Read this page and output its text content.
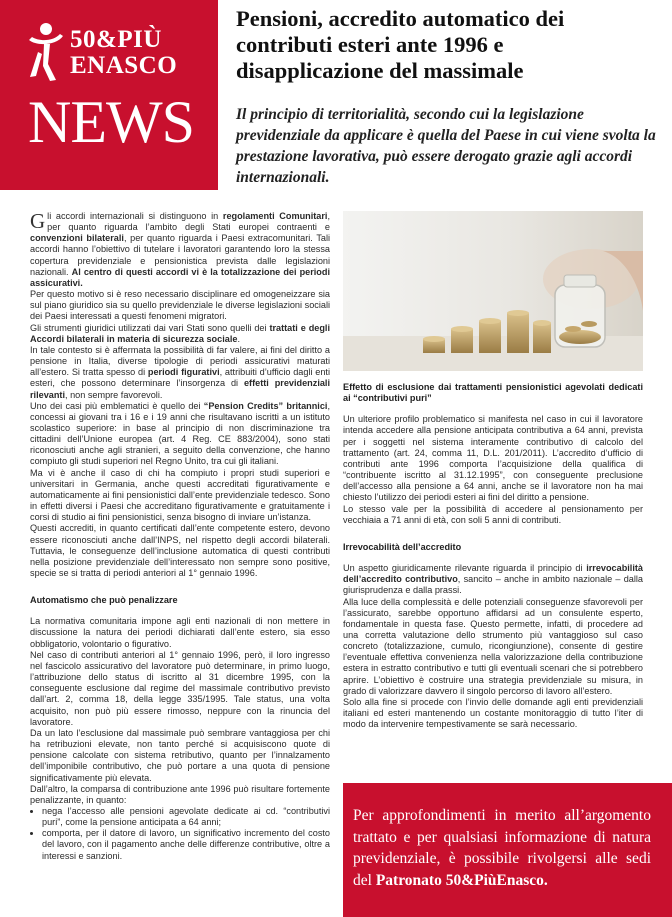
50&PIÙ
ENASCO
NEWS
Pensioni, accredito automatico dei contributi esteri ante 1996 e disapplicazione del massimale
Il principio di territorialità, secondo cui la legislazione previdenziale da applicare è quella del Paese in cui viene svolta la prestazione lavorativa, può essere derogato grazie agli accordi internazionali.

Gli accordi internazionali si distinguono in regolamenti Comunitari, per quanto riguarda l’ambito degli Stati europei contraenti e convenzioni bilaterali, per quanto riguarda i Paesi extracomunitari. Tali accordi hanno l’obiettivo di tutelare i lavoratori garantendo loro la stessa copertura previdenziale e pensionistica prevista dalle legislazioni nazionali. Al centro di questi accordi vi è la totalizzazione dei periodi assicurativi.

Per questo motivo si è reso necessario disciplinare ed omogeneizzare sia sul piano giuridico sia su quello previdenziale le diverse legislazioni sociali dei Paesi interessati a questi fenomeni migratori.

Gli strumenti giuridici utilizzati dai vari Stati sono quelli dei trattati e degli Accordi bilaterali in materia di sicurezza sociale.

In tale contesto si è affermata la possibilità di far valere, ai fini del diritto a pensione in Italia, diverse tipologie di periodi assicurativi maturati all’estero. Si tratta spesso di periodi figurativi, attribuiti d’ufficio dagli enti esteri, che possono determinare l’insorgenza di effetti previdenziali rilevanti, non sempre favorevoli.

Uno dei casi più emblematici è quello dei “Pension Credits” britannici, concessi ai giovani tra i 16 e i 19 anni che risultavano iscritti a un istituto scolastico superiore: in base al principio di non discriminazione tra cittadini dell’Unione europea (art. 4 Reg. CE 883/2004), sono stati riconosciuti anche agli stranieri, a seguito della convenzione, che hanno compiuto gli studi superiori nel Regno Unito, tra cui gli italiani.

Ma vi è anche il caso di chi ha compiuto i propri studi superiori e universitari in Germania, anche questi accreditati figurativamente e automaticamente ai fini pensionistici dall’ente previdenziale tedesco. Sono in effetti diversi i Paesi che accreditano figurativamente e gratuitamente i corsi di studio ai fini pensionistici, senza bisogno di inviare un’istanza.

Questi accrediti, in quanto certificati dall’ente competente estero, devono essere riconosciuti anche dall’INPS, nel rispetto degli accordi bilaterali. Tuttavia, le conseguenze dell’inclusione automatica di questi contributi nella posizione previdenziale dell’interessato non sempre sono positive, specie se si tratta di periodi anteriori al 1° gennaio 1996.

Automatismo che può penalizzare

La normativa comunitaria impone agli enti nazionali di non mettere in discussione la natura dei periodi dichiarati dall’ente estero, sia esso obbligatorio, volontario o figurativo.

Nel caso di contributi anteriori al 1° gennaio 1996, però, il loro ingresso nel fascicolo assicurativo del lavoratore può determinare, in primo luogo, l’attribuzione dello status di iscritto al 31 dicembre 1995, con la conseguente esclusione dal regime del massimale contributivo previsto dall’art. 2, comma 18, della legge 335/1995. Tale status, una volta acquisito, non può più essere rimosso, neppure con la rinuncia del lavoratore.

Da un lato l’esclusione dal massimale può sembrare vantaggiosa per chi ha retribuzioni elevate, non tanto perché si acquisiscono quote di pensione calcolate con sistema retributivo, quanto per l’innalzamento dell’imponibile contributivo, che può portare a una quota di pensione significativamente più elevata.

Dall’altro, la comparsa di contribuzione ante 1996 può risultare fortemente penalizzante, in quanto:

• nega l’accesso alle pensioni agevolate dedicate ai cd. “contributivi puri”, come la pensione anticipata a 64 anni;
• comporta, per il datore di lavoro, un significativo incremento del costo del lavoro, con il pagamento anche delle differenze contributive, oltre a interessi e sanzioni.

Effetto di esclusione dai trattamenti pensionistici agevolati dedicati ai “contributivi puri”

Un ulteriore profilo problematico si manifesta nel caso in cui il lavoratore intenda accedere alla pensione anticipata contributiva a 64 anni, prevista per i soggetti nel sistema interamente contributivo di calcolo del trattamento (art. 24, comma 11, D.L. 201/2011). L’accredito d’ufficio di contributi ante 1996 comporta l’acquisizione della qualifica di “contribuente iscritto al 31.12.1995”, con conseguente preclusione dell’accesso alla pensione a 64 anni, anche se il lavoratore non ha mai chiesto l’utilizzo dei periodi esteri ai fini del diritto a pensione.

Lo stesso vale per la possibilità di accedere al pensionamento per vecchiaia a 71 anni di età, con soli 5 anni di contributi.

Irrevocabilità dell’accredito

Un aspetto giuridicamente rilevante riguarda il principio di irrevocabilità dell’accredito contributivo, sancito – anche in ambito nazionale – dalla giurisprudenza e dalla prassi.

Alla luce della complessità e delle potenziali conseguenze sfavorevoli per l’assicurato, sarebbe opportuno affidarsi ad un consulente esperto, fondamentale in questa fase. Questo permette, infatti, di procedere ad una corretta valutazione dello strumento più vantaggioso sul caso concreto (totalizzazione, cumulo, ricongiunzione), consente di gestire l’eventuale effettiva convenienza nella valorizzazione della contribuzione estera in estratto contributivo e tutti gli eventuali scenari che si potrebbero aprire. L’obiettivo è costruire una strategia previdenziale su misura, in grado di valorizzare davvero il singolo percorso di lavoro all’estero.

Solo alla fine si procede con l’invio delle domande agli enti previdenziali italiani ed esteri mantenendo un costante monitoraggio di tutto l’iter di modo da intervenire tempestivamente se sarà necessario.

Per approfondimenti in merito all’argomento trattato e per qualsiasi informazione di natura previdenziale, è possibile rivolgersi alle sedi del Patronato 50&PiùEnasco.
